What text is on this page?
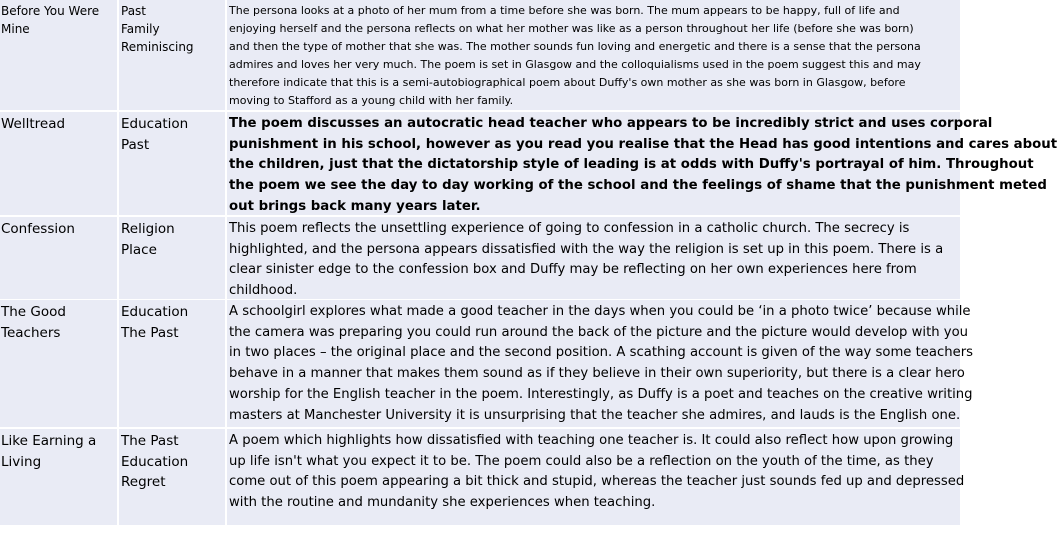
Before You Were
Mine
Past
Family
Reminiscing
The persona looks at a photo of her mum from a time before she was born. The mum appears to be happy, full of life and
enjoying herself and the persona reflects on what her mother was like as a person throughout her life (before she was born)
and then the type of mother that she was. The mother sounds fun loving and energetic and there is a sense that the persona
admires and loves her very much. The poem is set in Glasgow and the colloquialisms used in the poem suggest this and may
therefore indicate that this is a semi-autobiographical poem about Duffy's own mother as she was born in Glasgow, before
moving to Stafford as a young child with her family.
Welltread	Education
Past
The poem discusses an autocratic head teacher who appears to be incredibly strict and uses corporal
punishment in his school, however as you read you realise that the Head has good intentions and cares about
the children, just that the dictatorship style of leading is at odds with Duffy's portrayal of him. Throughout
the poem we see the day to day working of the school and the feelings of shame that the punishment meted
out brings back many years later.
Confession	Religion
Place
This poem reflects the unsettling experience of going to confession in a catholic church. The secrecy is
highlighted, and the persona appears dissatisfied with the way the religion is set up in this poem. There is a
clear sinister edge to the confession box and Duffy may be reflecting on her own experiences here from
childhood.
The Good
Teachers
Education
The Past
A schoolgirl explores what made a good teacher in the days when you could be ‘in a photo twice’ because while
the camera was preparing you could run around the back of the picture and the picture would develop with you
in two places – the original place and the second position. A scathing account is given of the way some teachers
behave in a manner that makes them sound as if they believe in their own superiority, but there is a clear hero
worship for the English teacher in the poem. Interestingly, as Duffy is a poet and teaches on the creative writing
masters at Manchester University it is unsurprising that the teacher she admires, and lauds is the English one.
Like Earning a
Living
The Past
Education
Regret
A poem which highlights how dissatisfied with teaching one teacher is. It could also reflect how upon growing
up life isn't what you expect it to be. The poem could also be a reflection on the youth of the time, as they
come out of this poem appearing a bit thick and stupid, whereas the teacher just sounds fed up and depressed
with the routine and mundanity she experiences when teaching.
